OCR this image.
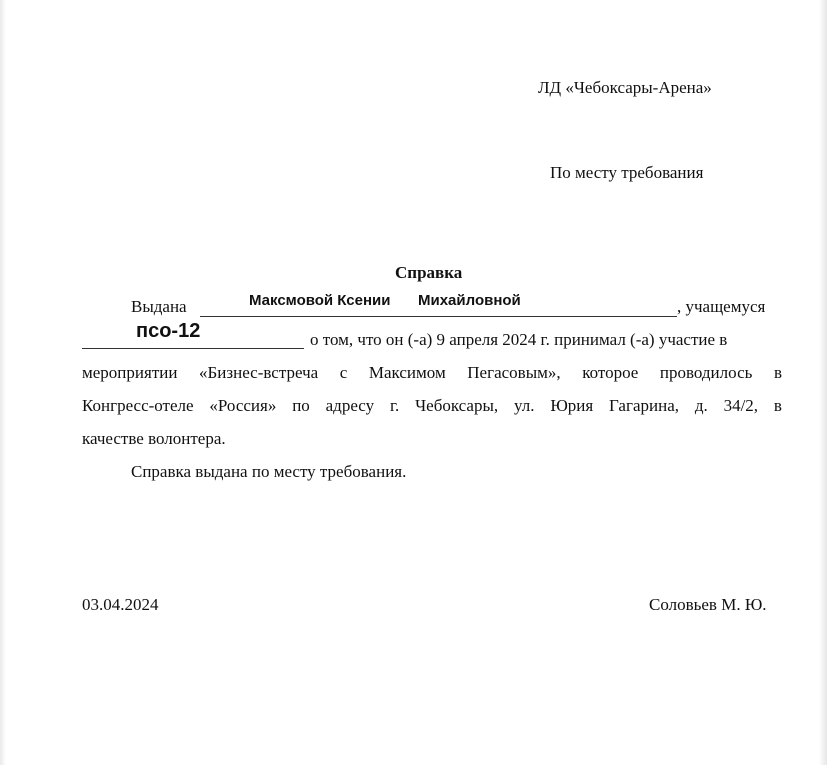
ЛД «Чебоксары-Арена»
По месту требования
Справка
Выдана	Максмовой Ксении Михайловной	, учащемуся
псо-12	о том, что он (-а) 9 апреля 2024 г. принимал (-а) участие в
мероприятии «Бизнес-встреча с Максимом Пегасовым», которое проводилось в
Конгресс-отеле «Россия» по адресу г. Чебоксары, ул. Юрия Гагарина, д. 34/2, в
качестве волонтера.
Справка выдана по месту требования.
03.04.2024	Соловьев М. Ю.
